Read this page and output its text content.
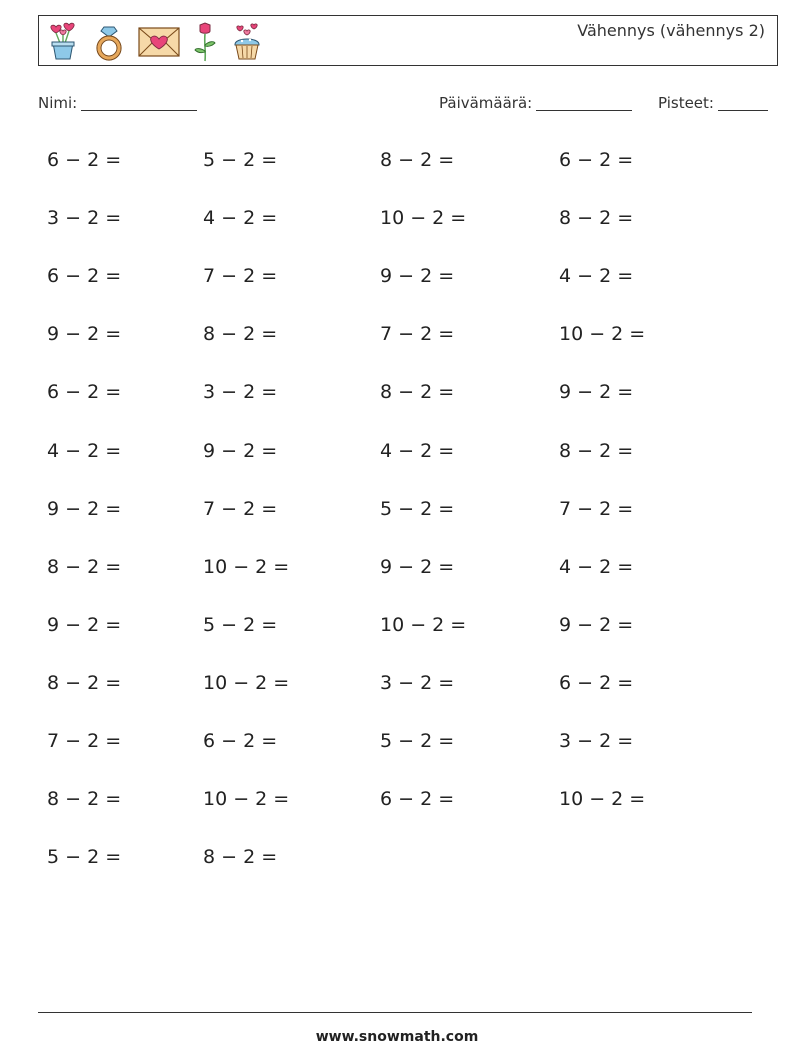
Vähennys (vähennys 2)
Nimi:	Päivämäärä:	Pisteet:
6 − 2 =	5 − 2 =	8 − 2 =	6 − 2 =
3 − 2 =	4 − 2 =	10 − 2 =	8 − 2 =
6 − 2 =	7 − 2 =	9 − 2 =	4 − 2 =
9 − 2 =	8 − 2 =	7 − 2 =	10 − 2 =
6 − 2 =	3 − 2 =	8 − 2 =	9 − 2 =
4 − 2 =	9 − 2 =	4 − 2 =	8 − 2 =
9 − 2 =	7 − 2 =	5 − 2 =	7 − 2 =
8 − 2 =	10 − 2 =	9 − 2 =	4 − 2 =
9 − 2 =	5 − 2 =	10 − 2 =	9 − 2 =
8 − 2 =	10 − 2 =	3 − 2 =	6 − 2 =
7 − 2 =	6 − 2 =	5 − 2 =	3 − 2 =
8 − 2 =	10 − 2 =	6 − 2 =	10 − 2 =
5 − 2 =	8 − 2 =
www.snowmath.com
